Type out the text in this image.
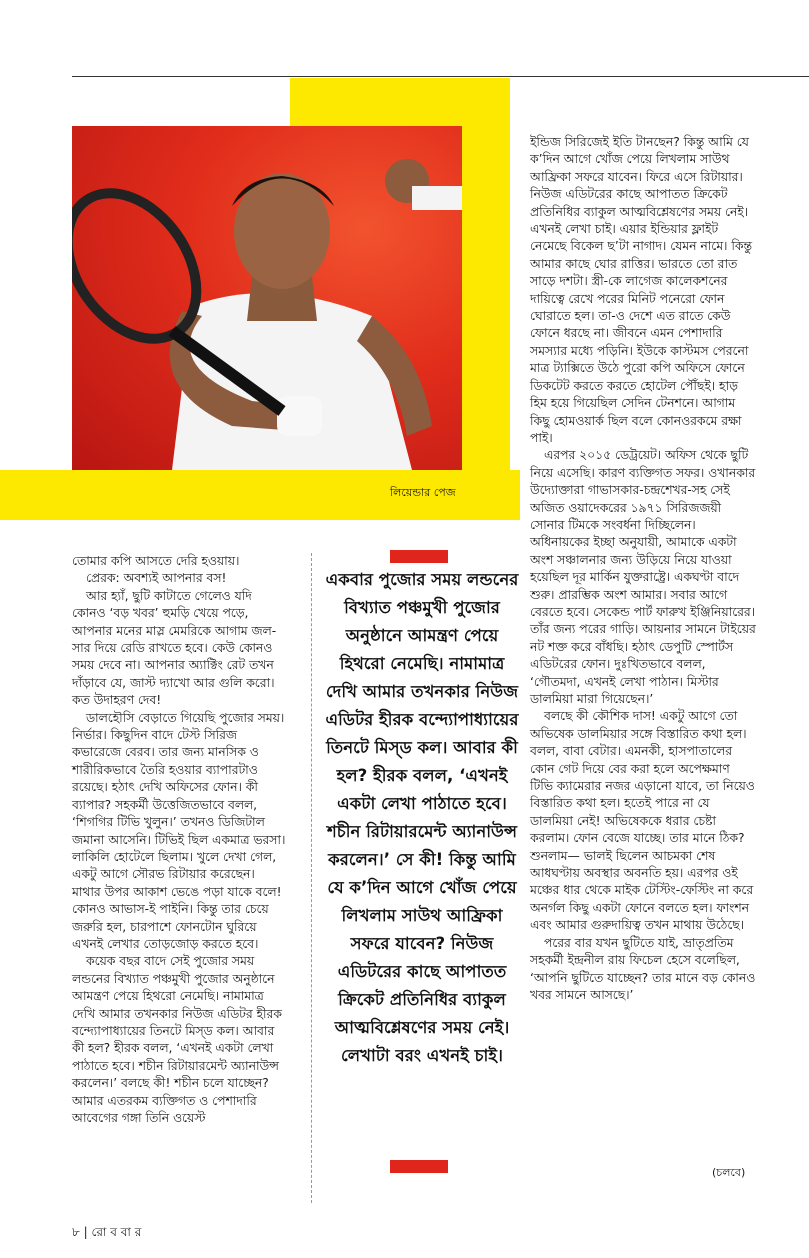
লিয়েন্ডার পেজ

তোমার কপি আসতে দেরি হওয়ায়।

প্রেরক: অবশ্যই আপনার বস!

আর হ্যাঁ, ছুটি কাটাতে গেলেও যদি কোনও ‘বড় খবর’ হুমড়ি খেয়ে পড়ে, আপনার মনের মাস্ল মেমরিকে আগাম জল-সার দিয়ে রেডি রাখতে হবে। কেউ কোনও সময় দেবে না। আপনার অ্যাক্টিং রেট তখন দাঁড়াবে যে, জাস্ট দ্যাখো আর গুলি করো। কত উদাহরণ দেব!

ডালহৌসি বেড়াতে গিয়েছি পুজোর সময়। নির্ভার। কিছুদিন বাদে টেস্ট সিরিজ কভারেজে বেরব। তার জন্য মানসিক ও শারীরিকভাবে তৈরি হওয়ার ব্যাপারটাও রয়েছে। হঠাৎ দেখি অফিসের ফোন। কী ব্যাপার? সহকর্মী উত্তেজিতভাবে বলল, ‘শিগগির টিভি খুলুন।’ তখনও ডিজিটাল জমানা আসেনি। টিভিই ছিল একমাত্র ভরসা। লাকিলি হোটেলে ছিলাম। খুলে দেখা গেল, একটু আগে সৌরভ রিটায়ার করেছেন। মাথার উপর আকাশ ভেঙে পড়া যাকে বলে! কোনও আভাস-ই পাইনি। কিন্তু তার চেয়ে জরুরি হল, চারপাশে ফোনটোন ঘুরিয়ে এখনই লেখার তোড়জোড় করতে হবে।

কয়েক বছর বাদে সেই পুজোর সময় লন্ডনের বিখ্যাত পঞ্চমুখী পুজোর অনুষ্ঠানে আমন্ত্রণ পেয়ে হিথরো নেমেছি। নামামাত্র দেখি আমার তখনকার নিউজ এডিটর হীরক বন্দ্যোপাধ্যায়ের তিনটে মিস্ড কল। আবার কী হল? হীরক বলল, ‘এখনই একটা লেখা পাঠাতে হবে। শচীন রিটায়ারমেন্ট অ্যানাউন্স করলেন।’ বলছে কী! শচীন চলে যাচ্ছেন? আমার এতরকম ব্যক্তিগত ও পেশাদারি আবেগের গঙ্গা তিনি ওয়েস্ট

একবার পুজোর সময় লন্ডনের বিখ্যাত পঞ্চমুখী পুজোর অনুষ্ঠানে আমন্ত্রণ পেয়ে হিথরো নেমেছি। নামামাত্র দেখি আমার তখনকার নিউজ এডিটর হীরক বন্দ্যোপাধ্যায়ের তিনটে মিস্ড কল। আবার কী হল? হীরক বলল, ‘এখনই একটা লেখা পাঠাতে হবে। শচীন রিটায়ারমেন্ট অ্যানাউন্স করলেন।’ সে কী! কিন্তু আমি যে ক’দিন আগে খোঁজ পেয়ে লিখলাম সাউথ আফ্রিকা সফরে যাবেন? নিউজ এডিটরের কাছে আপাতত ক্রিকেট প্রতিনিধির ব্যাকুল আত্মবিশ্লেষণের সময় নেই। লেখাটা বরং এখনই চাই।

ইন্ডিজ সিরিজেই ইতি টানছেন? কিন্তু আমি যে ক’দিন আগে খোঁজ পেয়ে লিখলাম সাউথ আফ্রিকা সফরে যাবেন। ফিরে এসে রিটায়ার। নিউজ এডিটরের কাছে আপাতত ক্রিকেট প্রতিনিধির ব্যাকুল আত্মবিশ্লেষণের সময় নেই। এখনই লেখা চাই। এয়ার ইন্ডিয়ার ফ্লাইট নেমেছে বিকেল ছ’টা নাগাদ। যেমন নামে। কিন্তু আমার কাছে ঘোর রাত্তির। ভারতে তো রাত সাড়ে দশটা। স্ত্রী-কে লাগেজ কালেকশনের দায়িত্বে রেখে পরের মিনিট পনেরো ফোন ঘোরাতে হল। তা-ও দেশে এত রাতে কেউ ফোনে ধরছে না। জীবনে এমন পেশাদারি সমস্যার মধ্যে পড়িনি। ইউকে কাস্টমস পেরনো মাত্র ট্যাক্সিতে উঠে পুরো কপি অফিসে ফোনে ডিকটেট করতে করতে হোটেল পৌঁছই। হাড় হিম হয়ে গিয়েছিল সেদিন টেনশনে। আগাম কিছু হোমওয়ার্ক ছিল বলে কোনওরকমে রক্ষা পাই।

এরপর ২০১৫ ডেট্রয়েট। অফিস থেকে ছুটি নিয়ে এসেছি। কারণ ব্যক্তিগত সফর। ওখানকার উদ্যোক্তারা গাভাসকার-চন্দ্রশেখর-সহ সেই অজিত ওয়াদেকরের ১৯৭১ সিরিজজয়ী সোনার টিমকে সংবর্ধনা দিচ্ছিলেন। অধিনায়কের ইচ্ছা অনুযায়ী, আমাকে একটা অংশ সঞ্চালনার জন্য উড়িয়ে নিয়ে যাওয়া হয়েছিল দূর মার্কিন যুক্তরাষ্ট্রে। একঘণ্টা বাদে শুরু। প্রারম্ভিক অংশ আমার। সবার আগে বেরতে হবে। সেকেন্ড পার্ট ফারুখ ইঞ্জিনিয়ারের। তাঁর জন্য পরের গাড়ি। আয়নার সামনে টাইয়ের নট শক্ত করে বাঁধছি। হঠাৎ ডেপুটি স্পোর্টস এডিটরের ফোন। দুঃখিতভাবে বলল, ‘গৌতমদা, এখনই লেখা পাঠান। মিস্টার ডালমিয়া মারা গিয়েছেন।’

বলছে কী কৌশিক দাস! একটু আগে তো অভিষেক ডালমিয়ার সঙ্গে বিস্তারিত কথা হল। বলল, বাবা বেটার। এমনকী, হাসপাতালের কোন গেট দিয়ে বের করা হলে অপেক্ষমাণ টিভি ক্যামেরার নজর এড়ানো যাবে, তা নিয়েও বিস্তারিত কথা হল। হতেই পারে না যে ডালমিয়া নেই! অভিষেককে ধরার চেষ্টা করলাম। ফোন বেজে যাচ্ছে। তার মানে ঠিক? শুনলাম— ভালই ছিলেন আচমকা শেষ আধঘণ্টায় অবস্থার অবনতি হয়। এরপর ওই মঞ্চের ধার থেকে মাইক টেস্টিং-ফেস্টিং না করে অনর্গল কিছু একটা ফোনে বলতে হল। ফাংশন এবং আমার গুরুদায়িত্ব তখন মাথায় উঠেছে।

পরের বার যখন ছুটিতে যাই, ভ্রাতৃপ্রতিম সহকর্মী ইন্দ্রনীল রায় ফিচেল হেসে বলেছিল, ‘আপনি ছুটিতে যাচ্ছেন? তার মানে বড় কোনও খবর সামনে আসছে।’

(চলবে)
৮ | রো ব বা র
